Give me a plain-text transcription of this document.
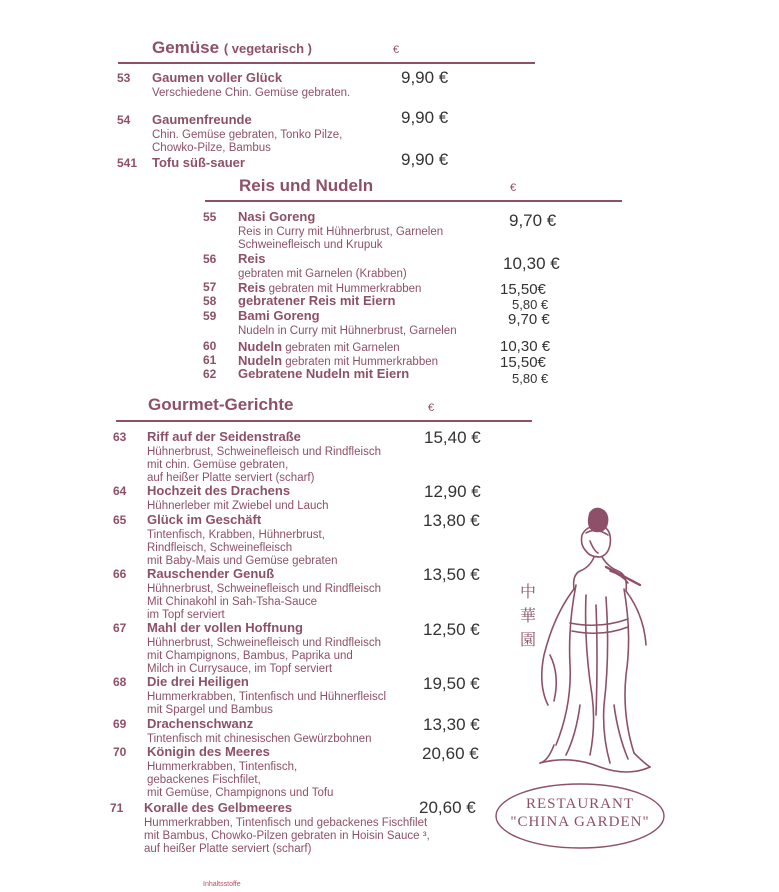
Gemüse ( vegetarisch )	€
53 Gaumen voller Glück
Verschiedene Chin. Gemüse gebraten.
9,90 €
54 Gaumenfreunde
Chin. Gemüse gebraten, Tonko Pilze,
Chowko-Pilze, Bambus
9,90 €
541 Tofu süß-sauer	9,90 €
Reis und Nudeln	€
55 Nasi Goreng
Reis in Curry mit Hühnerbrust, Garnelen
Schweinefleisch und Krupuk
9,70 €
56 Reis
gebraten mit Garnelen (Krabben)
10,30 €
57 Reis gebraten mit Hummerkrabben	15,50€
58 gebratener Reis mit Eiern	5,80 €
59 Bami Goreng
Nudeln in Curry mit Hühnerbrust, Garnelen
9,70 €
60 Nudeln gebraten mit Garnelen	10,30 €
61 Nudeln gebraten mit Hummerkrabben	15,50€
62 Gebratene Nudeln mit Eiern	5,80 €
Gourmet-Gerichte	€
63 Riff auf der Seidenstraße
Hühnerbrust, Schweinefleisch und Rindfleisch
mit chin. Gemüse gebraten,
auf heißer Platte serviert (scharf)
15,40 €
64 Hochzeit des Drachens
Hühnerleber mit Zwiebel und Lauch
12,90 €
65 Glück im Geschäft
Tintenfisch, Krabben, Hühnerbrust,
Rindfleisch, Schweinefleisch
mit Baby-Mais und Gemüse gebraten
13,80 €
66 Rauschender Genuß
Hühnerbrust, Schweinefleisch und Rindfleisch
Mit Chinakohl in Sah-Tsha-Sauce
im Topf serviert
13,50 €
67 Mahl der vollen Hoffnung
Hühnerbrust, Schweinefleisch und Rindfleisch
mit Champignons, Bambus, Paprika und
Milch in Currysauce, im Topf serviert
12,50 €
68 Die drei Heiligen
Hummerkrabben, Tintenfisch und Hühnerfleiscl
mit Spargel und Bambus
19,50 €
69 Drachenschwanz
Tintenfisch mit chinesischen Gewürzbohnen
13,30 €
70 Königin des Meeres
Hummerkrabben, Tintenfisch,
gebackenes Fischfilet,
mit Gemüse, Champignons und Tofu
20,60 €
71 Koralle des Gelbmeeres
Hummerkrabben, Tintenfisch und gebackenes Fischfilet
mit Bambus, Chowko-Pilzen gebraten in Hoisin Sauce ³,
auf heißer Platte serviert (scharf)
20,60 €
中 華 園
RESTAURANT
"CHINA GARDEN"
Inhaltsstoffe
